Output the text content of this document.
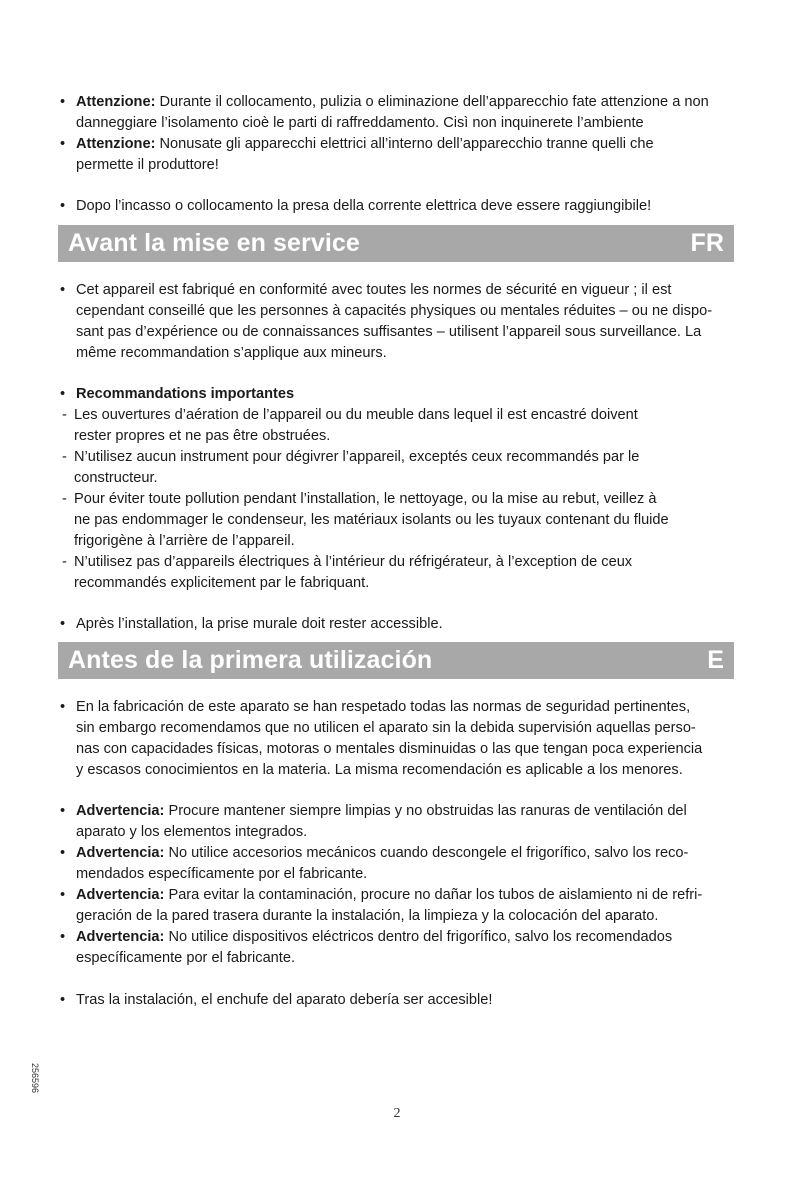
• Attenzione: Durante il collocamento, pulizia o eliminazione dell’apparecchio fate attenzione a non
danneggiare l’isolamento cioè le parti di raffreddamento. Cisì non inquinerete l’ambiente
• Attenzione: Nonusate gli apparecchi elettrici all’interno dell’apparecchio tranne quelli che
permette il produttore!
• Dopo l’incasso o collocamento la presa della corrente elettrica deve essere raggiungibile!
Avant la mise en service	FR
• Cet appareil est fabriqué en conformité avec toutes les normes de sécurité en vigueur ; il est
cependant conseillé que les personnes à capacités physiques ou mentales réduites – ou ne dispo-
sant pas d’expérience ou de connaissances suffisantes – utilisent l’appareil sous surveillance. La
même recommandation s’applique aux mineurs.
• Recommandations importantes
- Les ouvertures d’aération de l’appareil ou du meuble dans lequel il est encastré doivent
rester propres et ne pas être obstruées.
- N’utilisez aucun instrument pour dégivrer l’appareil, exceptés ceux recommandés par le
constructeur.
- Pour éviter toute pollution pendant l’installation, le nettoyage, ou la mise au rebut, veillez à
ne pas endommager le condenseur, les matériaux isolants ou les tuyaux contenant du fluide
frigorigène à l’arrière de l’appareil.
- N’utilisez pas d’appareils électriques à l’intérieur du réfrigérateur, à l’exception de ceux
recommandés explicitement par le fabriquant.
• Après l’installation, la prise murale doit rester accessible.
Antes de la primera utilización	E
• En la fabricación de este aparato se han respetado todas las normas de seguridad pertinentes,
sin embargo recomendamos que no utilicen el aparato sin la debida supervisión aquellas perso-
nas con capacidades físicas, motoras o mentales disminuidas o las que tengan poca experiencia
y escasos conocimientos en la materia. La misma recomendación es aplicable a los menores.
• Advertencia: Procure mantener siempre limpias y no obstruidas las ranuras de ventilación del
aparato y los elementos integrados.
• Advertencia: No utilice accesorios mecánicos cuando descongele el frigorífico, salvo los reco-
mendados específicamente por el fabricante.
• Advertencia: Para evitar la contaminación, procure no dañar los tubos de aislamiento ni de refri-
geración de la pared trasera durante la instalación, la limpieza y la colocación del aparato.
• Advertencia: No utilice dispositivos eléctricos dentro del frigorífico, salvo los recomendados
específicamente por el fabricante.
• Tras la instalación, el enchufe del aparato debería ser accesible!
256596
2
